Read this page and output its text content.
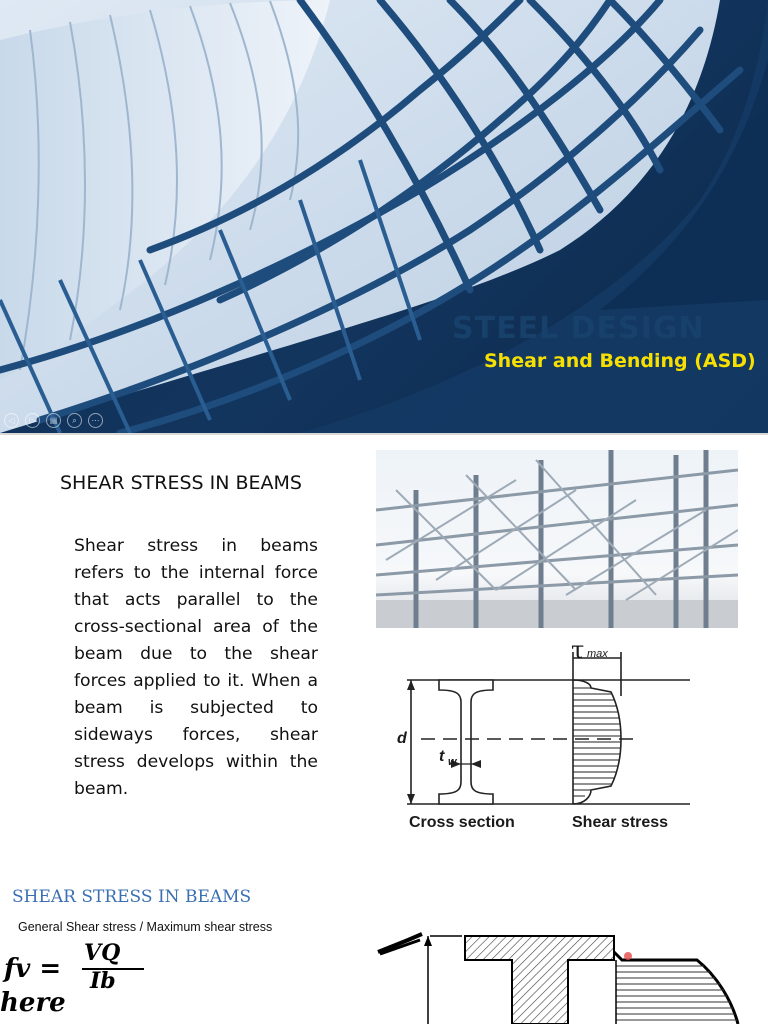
STEEL DESIGN
Shear and Bending (ASD)
◁	▷	▤	⌕	⋯
SHEAR STRESS IN BEAMS
Shear stress in beams refers to the internal force that acts parallel to the cross-sectional area of the beam due to the shear forces applied to it. When a beam is subjected to sideways forces, shear stress develops within the beam.
τ max
d
t w
Cross section	Shear stress
SHEAR STRESS IN BEAMS
General Shear stress / Maximum shear stress
fv =
VQ
Ib
here
